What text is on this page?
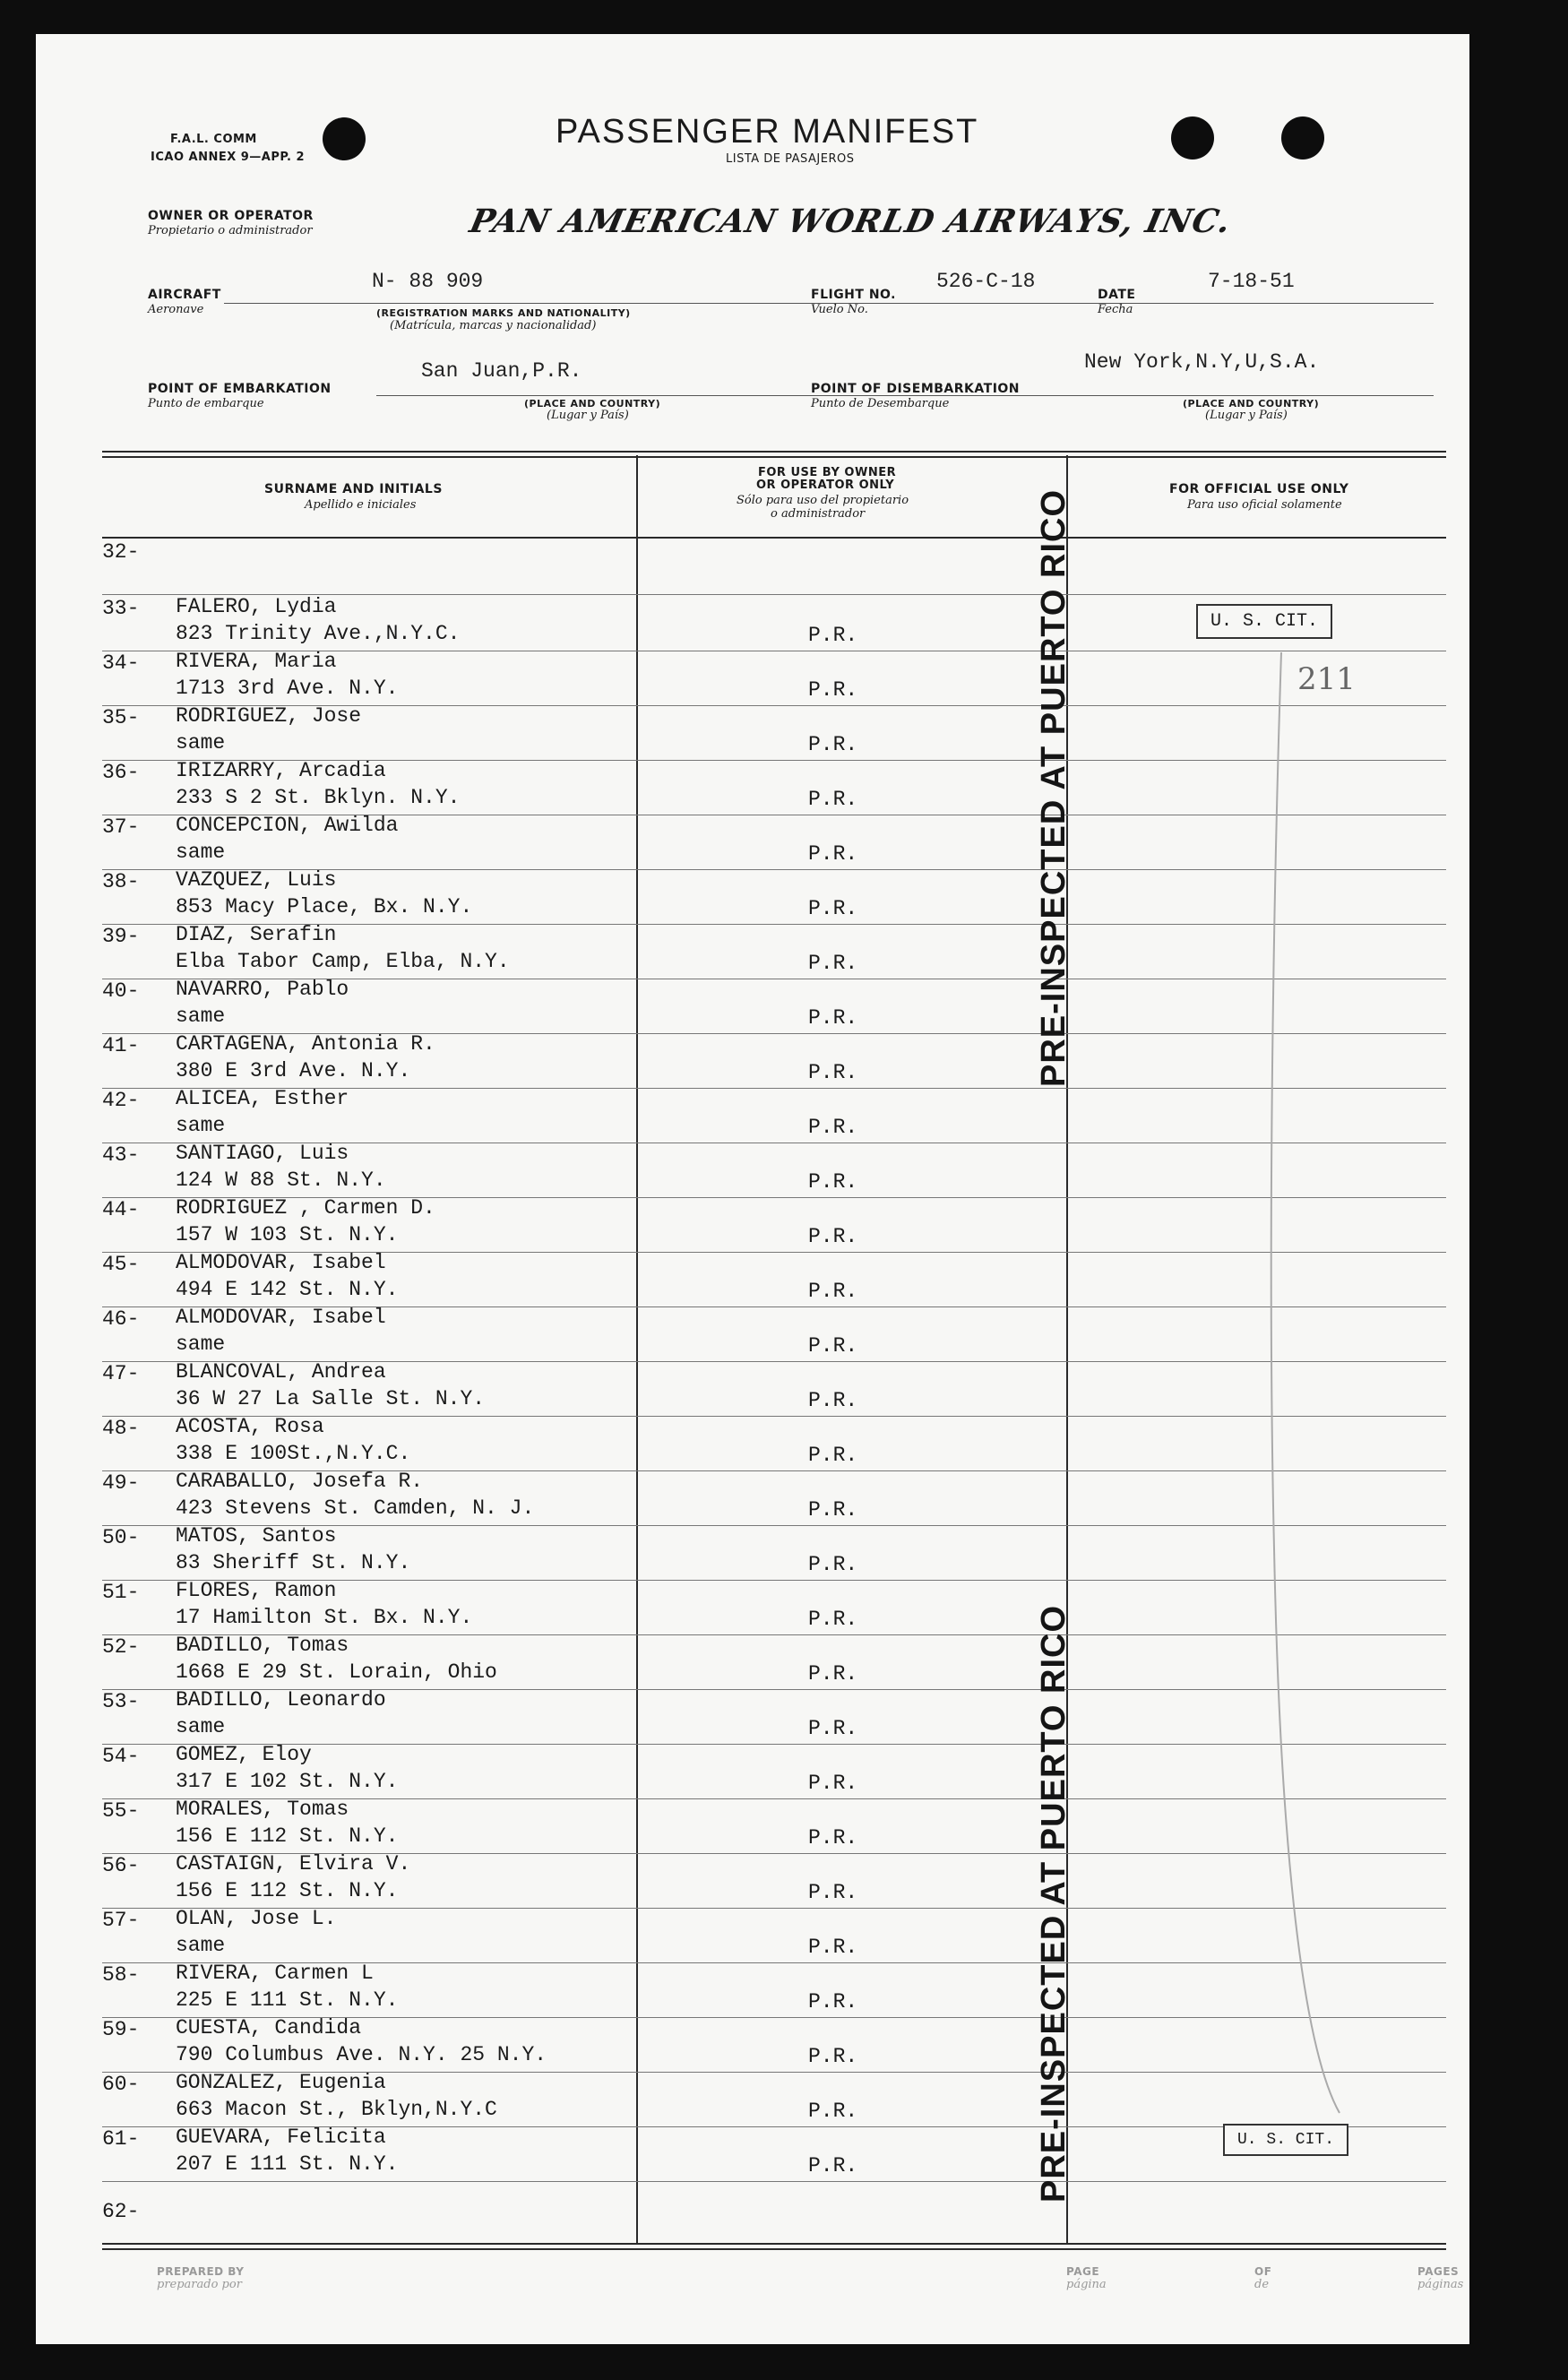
F.A.L. COMM
ICAO ANNEX 9—APP. 2
PASSENGER MANIFEST
LISTA DE PASAJEROS
OWNER OR OPERATOR
Propietario o administrador	PAN AMERICAN WORLD AIRWAYS, INC.
AIRCRAFT
Aeronave
N- 88 909
(REGISTRATION MARKS AND NATIONALITY)
(Matrícula, marcas y nacionalidad)
FLIGHT NO.
Vuelo No.
526-C-18
DATE
Fecha
7-18-51
POINT OF EMBARKATION
Punto de embarque
San Juan,P.R.
(PLACE AND COUNTRY)
(Lugar y País)
POINT OF DISEMBARKATION
Punto de Desembarque
New York,N.Y,U,S.A.
(PLACE AND COUNTRY)
(Lugar y País)
SURNAME AND INITIALS
Apellido e iniciales
FOR USE BY OWNER
OR OPERATOR ONLY
Sólo para uso del propietario
o administrador
FOR OFFICIAL USE ONLY
Para uso oficial solamente
32-
33- FALERO, Lydia
823 Trinity Ave.,N.Y.C.	P.R.
34- RIVERA, Maria
1713 3rd Ave. N.Y.	P.R.
35- RODRIGUEZ, Jose
same	P.R.
36- IRIZARRY, Arcadia
233 S 2 St. Bklyn. N.Y.	P.R.
37- CONCEPCION, Awilda
same	P.R.
38- VAZQUEZ, Luis
853 Macy Place, Bx. N.Y.	P.R.
39- DIAZ, Serafin
Elba Tabor Camp, Elba, N.Y.	P.R.
40- NAVARRO, Pablo
same	P.R.
41- CARTAGENA, Antonia R.
380 E 3rd Ave. N.Y.	P.R.
42- ALICEA, Esther
same	P.R.
43- SANTIAGO, Luis
124 W 88 St. N.Y.	P.R.
44- RODRIGUEZ , Carmen D.
157 W 103 St. N.Y.	P.R.
45- ALMODOVAR, Isabel
494 E 142 St. N.Y.	P.R.
46- ALMODOVAR, Isabel
same	P.R.
47- BLANCOVAL, Andrea
36 W 27 La Salle St. N.Y.	P.R.
48- ACOSTA, Rosa
338 E 100St.,N.Y.C.	P.R.
49- CARABALLO, Josefa R.
423 Stevens St. Camden, N. J.	P.R.
50- MATOS, Santos
83 Sheriff St. N.Y.	P.R.
51- FLORES, Ramon
17 Hamilton St. Bx. N.Y.	P.R.
52- BADILLO, Tomas
1668 E 29 St. Lorain, Ohio	P.R.
53- BADILLO, Leonardo
same	P.R.
54- GOMEZ, Eloy
317 E 102 St. N.Y.	P.R.
55- MORALES, Tomas
156 E 112 St. N.Y.	P.R.
56- CASTAIGN, Elvira V.
156 E 112 St. N.Y.	P.R.
57- OLAN, Jose L.
same	P.R.
58- RIVERA, Carmen L
225 E 111 St. N.Y.	P.R.
59- CUESTA, Candida
790 Columbus Ave. N.Y. 25 N.Y.	P.R.
60- GONZALEZ, Eugenia
663 Macon St., Bklyn,N.Y.C	P.R.
61- GUEVARA, Felicita
207 E 111 St. N.Y.	P.R.
62-
PRE-INSPECTED AT PUERTO RICO
PRE-INSPECTED AT PUERTO RICO
U. S. CIT.
U. S. CIT.
211
PREPARED BY
preparado por
PAGE
página
OF
de
PAGES
páginas
